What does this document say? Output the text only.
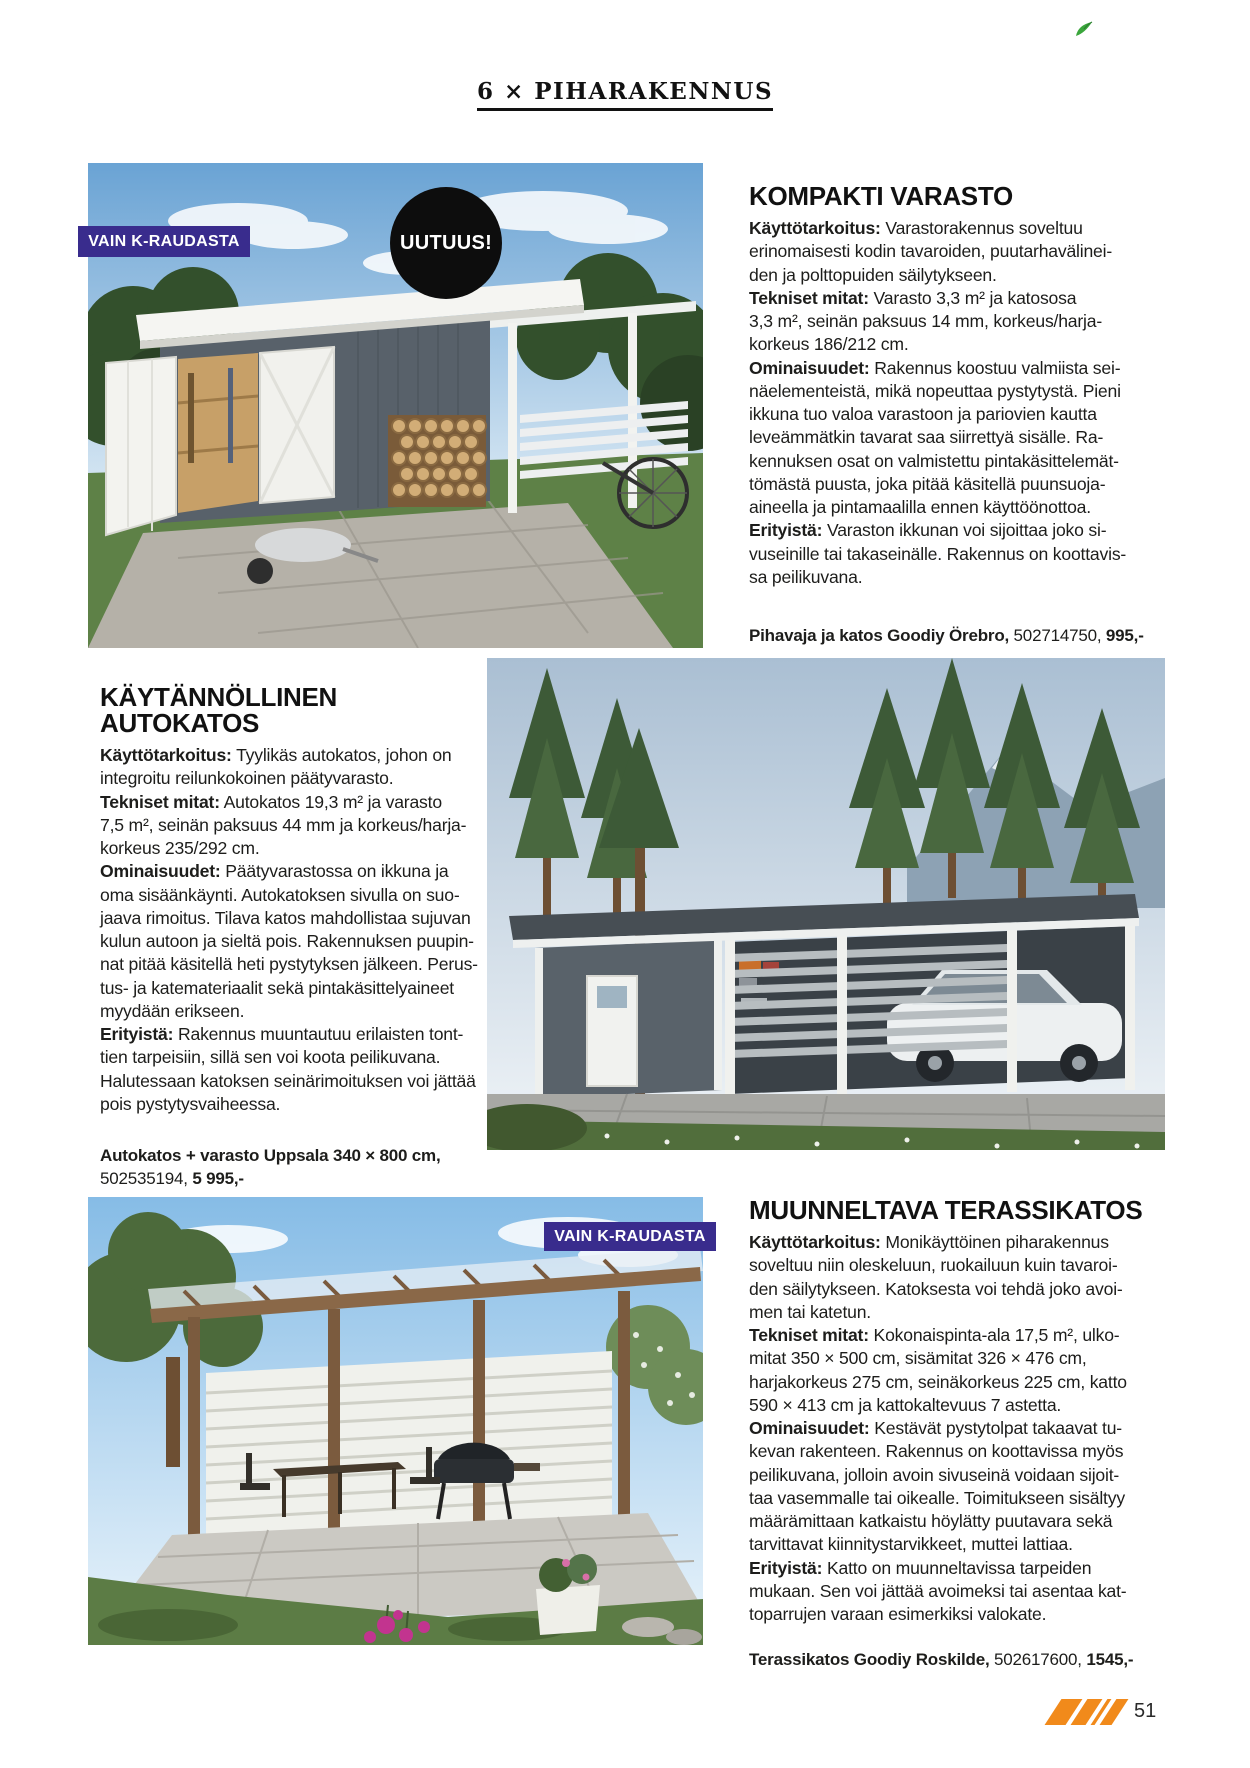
6 × PIHARAKENNUS
VAIN K-RAUDASTA	UUTUUS!
KOMPAKTI VARASTO
Käyttötarkoitus: Varastorakennus soveltuu
erinomaisesti kodin tavaroiden, puutarhavälinei-
den ja polttopuiden säilytykseen.
Tekniset mitat: Varasto 3,3 m² ja katososa
3,3 m², seinän paksuus 14 mm, korkeus/harja-
korkeus 186/212 cm.
Ominaisuudet: Rakennus koostuu valmiista sei-
näelementeistä, mikä nopeuttaa pystytystä. Pieni
ikkuna tuo valoa varastoon ja pariovien kautta
leveämmätkin tavarat saa siirrettyä sisälle. Ra-
kennuksen osat on valmistettu pintakäsittelemät-
tömästä puusta, joka pitää käsitellä puunsuoja-
aineella ja pintamaalilla ennen käyttöönottoa.
Erityistä: Varaston ikkunan voi sijoittaa joko si-
vuseinille tai takaseinälle. Rakennus on koottavis-
sa peilikuvana.
Pihavaja ja katos Goodiy Örebro, 502714750, 995,-
KÄYTÄNNÖLLINEN AUTOKATOS
Käyttötarkoitus: Tyylikäs autokatos, johon on
integroitu reilunkokoinen päätyvarasto.
Tekniset mitat: Autokatos 19,3 m² ja varasto
7,5 m², seinän paksuus 44 mm ja korkeus/harja-
korkeus 235/292 cm.
Ominaisuudet: Päätyvarastossa on ikkuna ja
oma sisäänkäynti. Autokatoksen sivulla on suo-
jaava rimoitus. Tilava katos mahdollistaa sujuvan
kulun autoon ja sieltä pois. Rakennuksen puupin-
nat pitää käsitellä heti pystytyksen jälkeen. Perus-
tus- ja katemateriaalit sekä pintakäsittelyaineet
myydään erikseen.
Erityistä: Rakennus muuntautuu erilaisten tont-
tien tarpeisiin, sillä sen voi koota peilikuvana.
Halutessaan katoksen seinärimoituksen voi jättää
pois pystytysvaiheessa.
Autokatos + varasto Uppsala 340 × 800 cm,
502535194, 5 995,-
VAIN K-RAUDASTA
MUUNNELTAVA TERASSIKATOS
Käyttötarkoitus: Monikäyttöinen piharakennus
soveltuu niin oleskeluun, ruokailuun kuin tavaroi-
den säilytykseen. Katoksesta voi tehdä joko avoi-
men tai katetun.
Tekniset mitat: Kokonaispinta-ala 17,5 m², ulko-
mitat 350 × 500 cm, sisämitat 326 × 476 cm,
harjakorkeus 275 cm, seinäkorkeus 225 cm, katto
590 × 413 cm ja kattokaltevuus 7 astetta.
Ominaisuudet: Kestävät pystytolpat takaavat tu-
kevan rakenteen. Rakennus on koottavissa myös
peilikuvana, jolloin avoin sivuseinä voidaan sijoit-
taa vasemmalle tai oikealle. Toimitukseen sisältyy
määrämittaan katkaistu höylätty puutavara sekä
tarvittavat kiinnitystarvikkeet, muttei lattiaa.
Erityistä: Katto on muunneltavissa tarpeiden
mukaan. Sen voi jättää avoimeksi tai asentaa kat-
toparrujen varaan esimerkiksi valokate.
Terassikatos Goodiy Roskilde, 502617600, 1545,-
51
